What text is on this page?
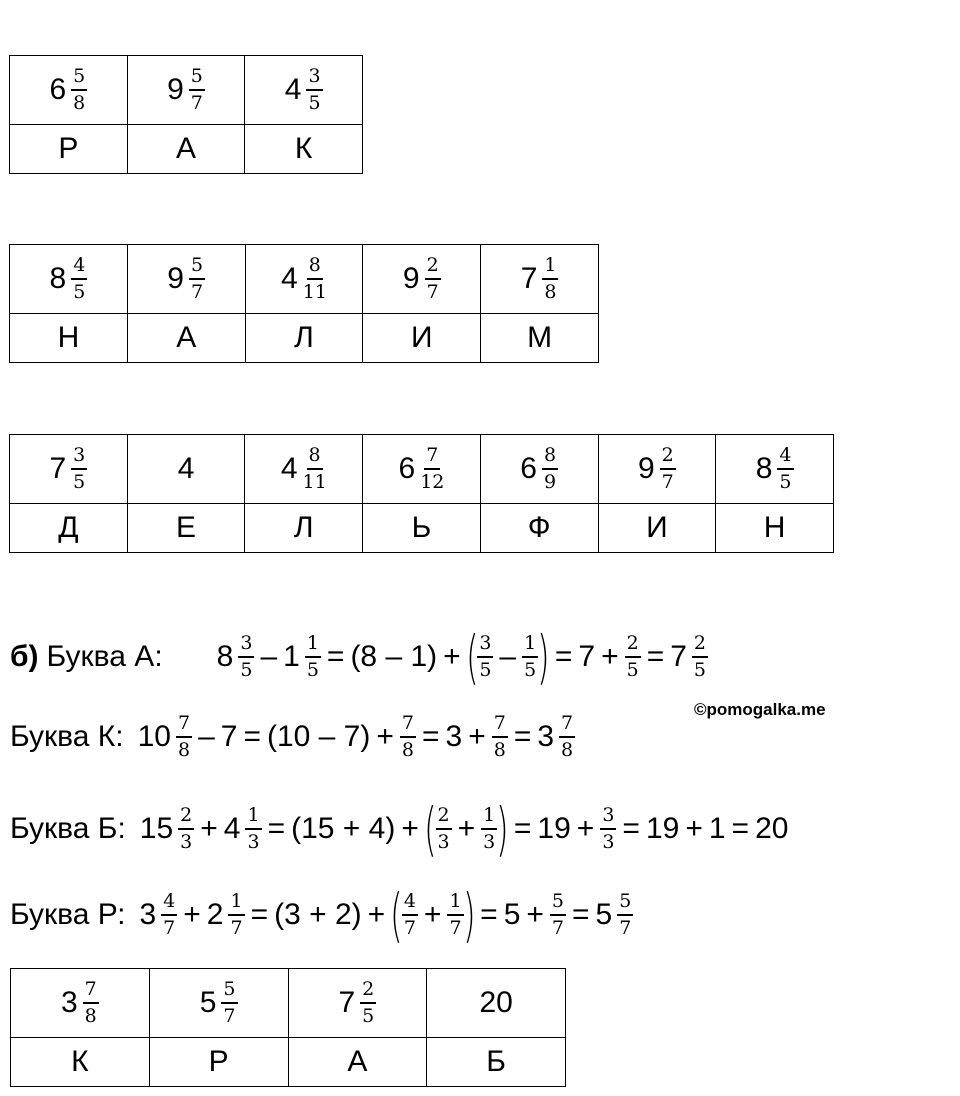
$6 \frac{5}{8}$	$9 \frac{5}{7}$	$4 \frac{3}{5}$

Р	А	К
$8 \frac{4}{5}$	$9 \frac{5}{7}$	$4 \frac{8}{11}$	$9 \frac{2}{7}$	$7 \frac{1}{8}$

Н	А	Л	И	М
$7 \frac{3}{5}$	4	$4 \frac{8}{11}$	$6 \frac{7}{12}$	$6 \frac{8}{9}$	$9 \frac{2}{7}$	$8 \frac{4}{5}$

Д	Е	Л	Ь	Ф	И	Н
б) Буква А: $8 \frac{3}{5} - 1 \frac{1}{5} = (8 - 1)$ + ( $\frac{3}{5} - \frac{1}{5}$ ) = $7 + \frac{2}{5} = 7 \frac{2}{5}$
©pomogalka.me
Буква К: $10 \frac{7}{8} - 7 = (10 - 7) + \frac{7}{8} = 3 + \frac{7}{8} = 3 \frac{7}{8}$
Буква Б: $15 \frac{2}{3} + 4 \frac{1}{3} = (15 + 4)$ + ( $\frac{2}{3} + \frac{1}{3}$ ) = $19 + \frac{3}{3} = 19 + 1 = 20$
Буква Р: $3 \frac{4}{7} + 2 \frac{1}{7} = (3 + 2)$ + ( $\frac{4}{7} + \frac{1}{7}$ ) = $5 + \frac{5}{7} = 5 \frac{5}{7}$
$3 \frac{7}{8}$	$5 \frac{5}{7}$	$7 \frac{2}{5}$	20
К	Р	А	Б
